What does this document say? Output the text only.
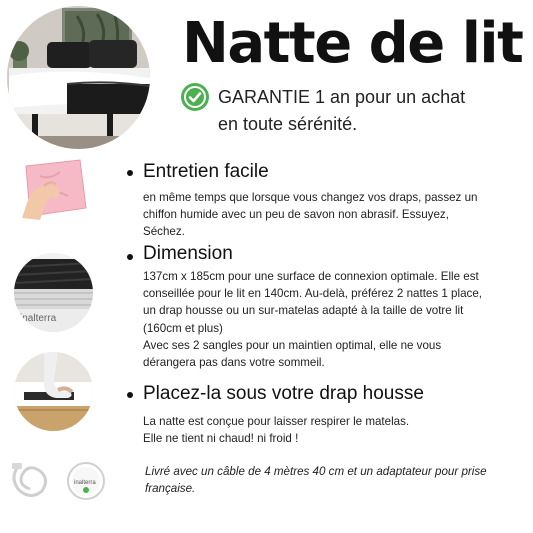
Natte de lit
GARANTIE 1 an pour un achat
en toute sérénité.
Entretien facile

en même temps que lorsque vous changez vos draps, passez un

chiffon humide avec un peu de savon non abrasif. Essuyez,

Séchez.

inalterra
Dimension

137cm x 185cm pour une surface de connexion optimale. Elle est

conseillée pour le lit en 140cm. Au-delà, préférez 2 nattes 1 place,

un drap housse ou un sur-matelas adapté à la taille de votre lit

(160cm et plus)

Avec ses 2 sangles pour un maintien optimal, elle ne vous

dérangera pas dans votre sommeil.

Placez-la sous votre drap housse

La natte est conçue pour laisser respirer le matelas.

Elle ne tient ni chaud! ni froid !

inalterra

Livré avec un câble de 4 mètres 40 cm et un adaptateur pour prise

française.
